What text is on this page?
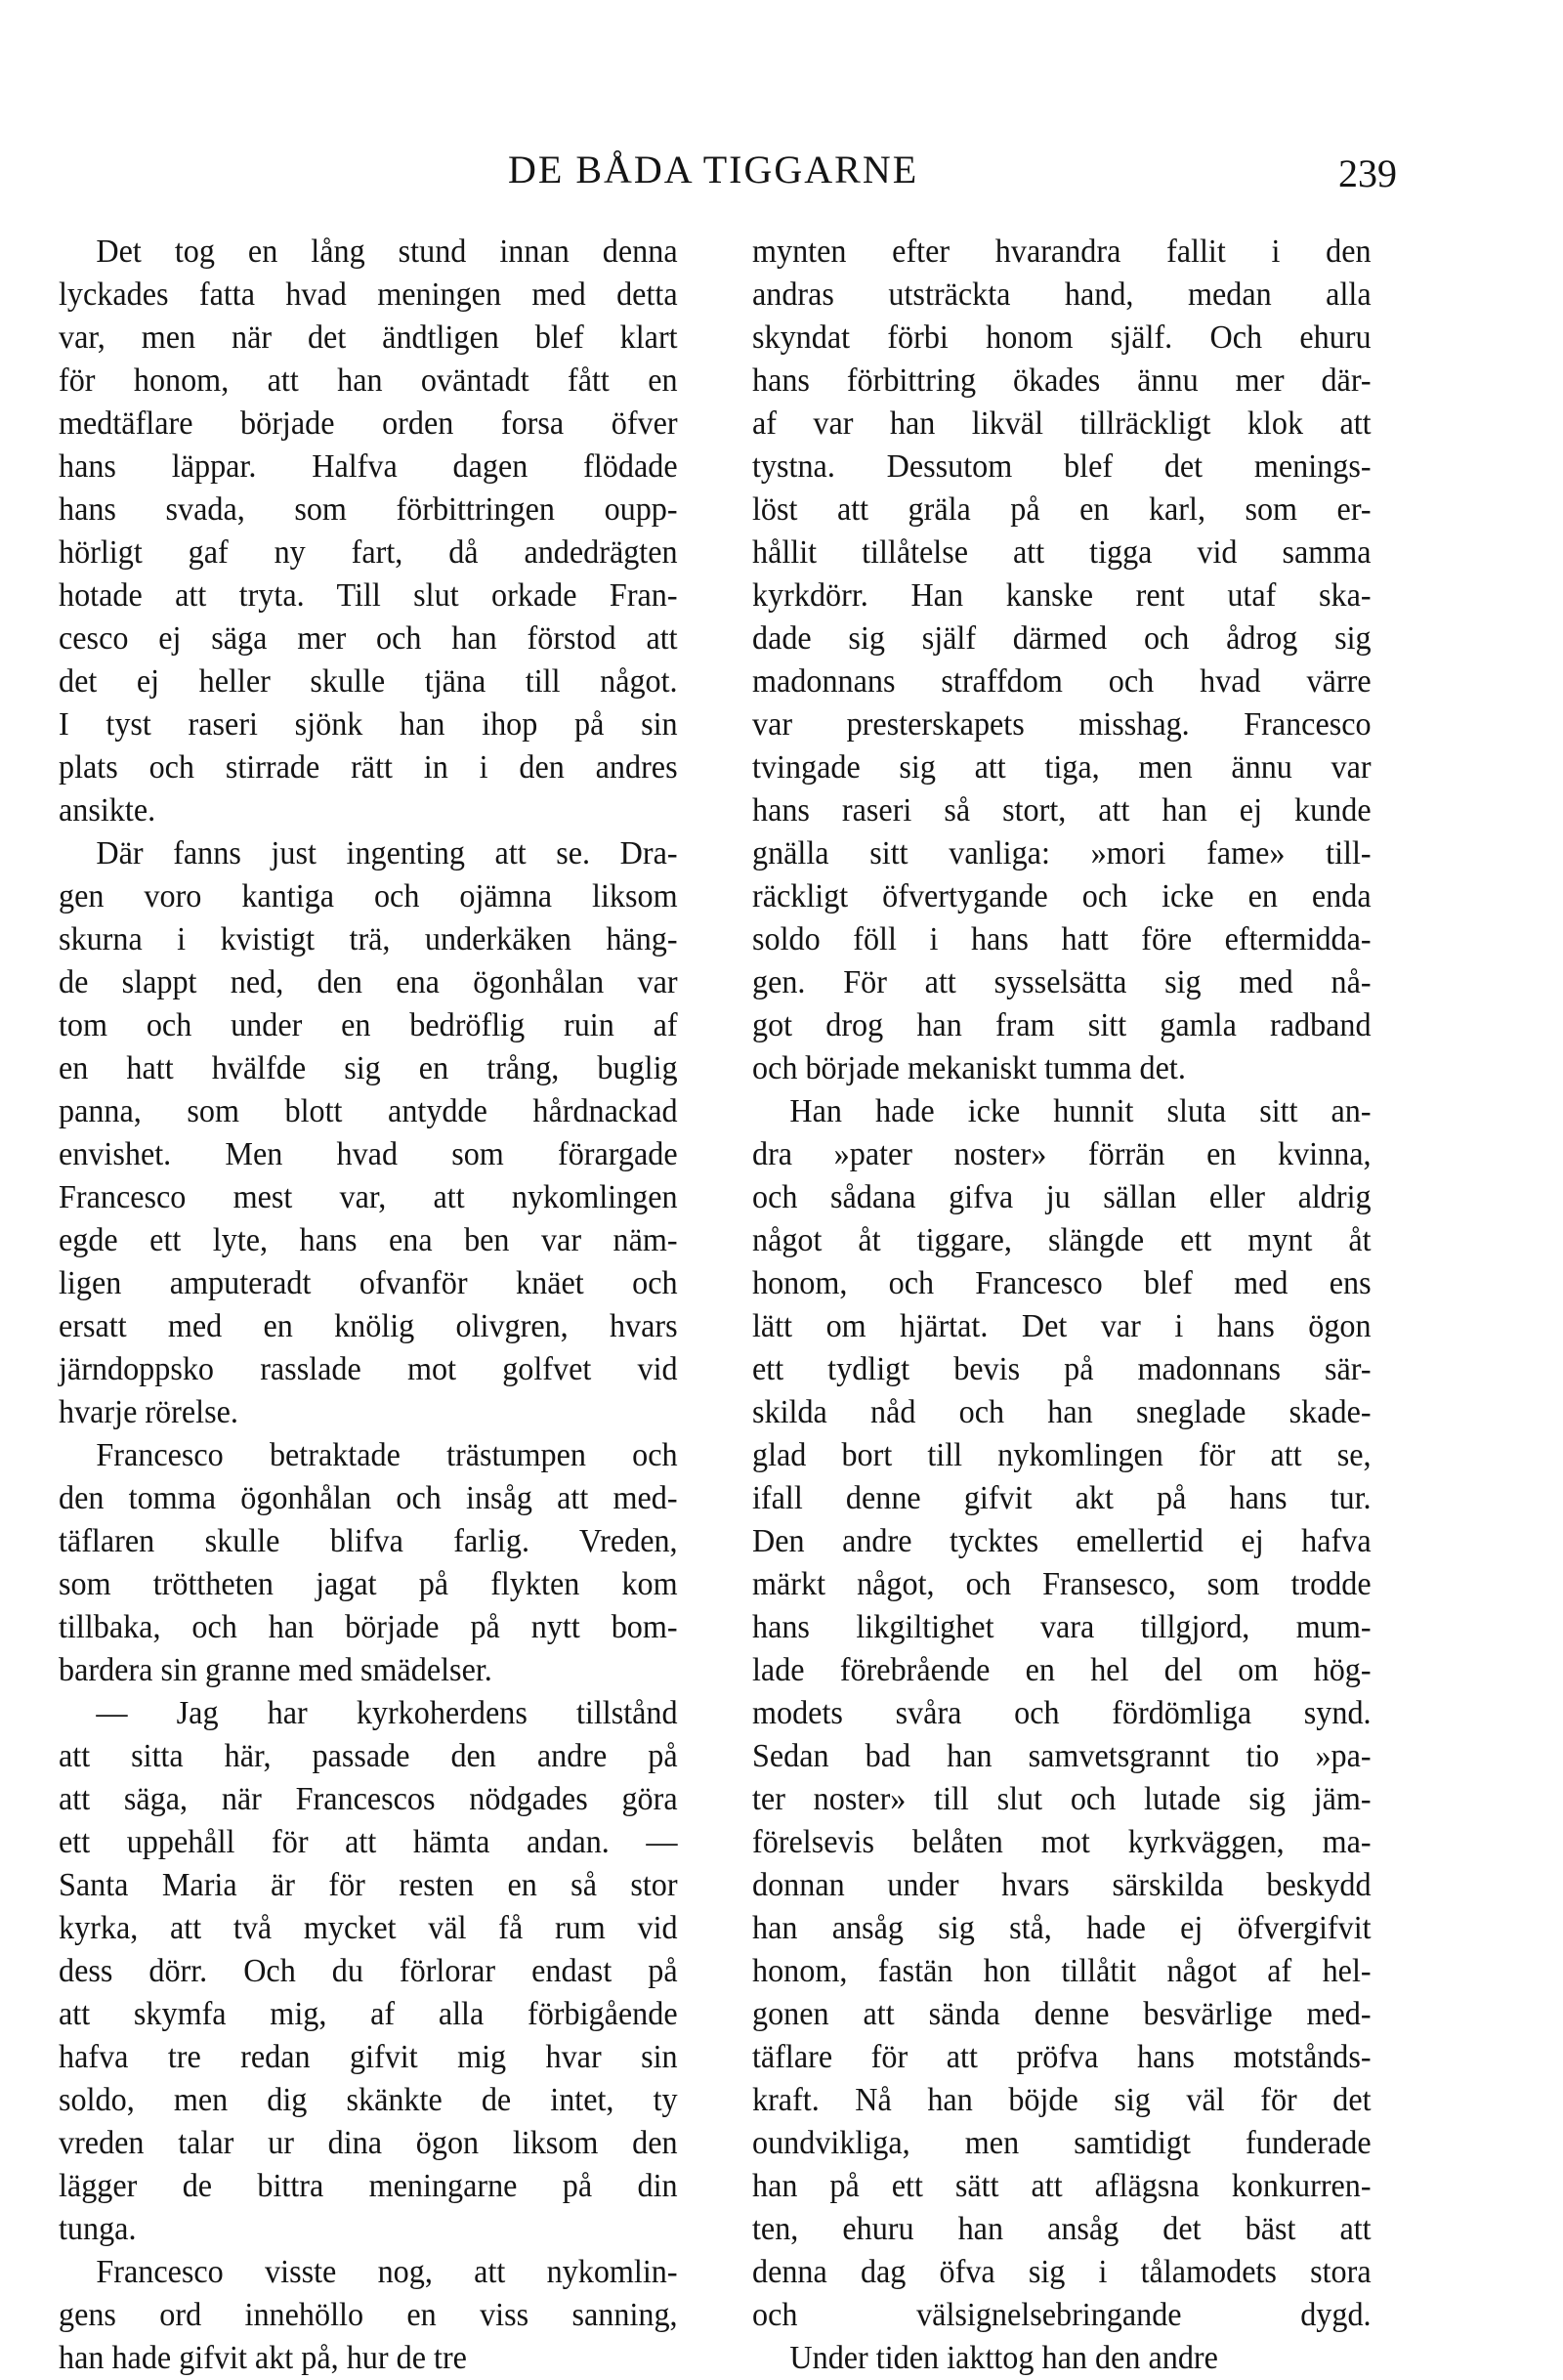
DE BÅDA TIGGARNE	239
Det tog en lång stund innan denna
lyckades fatta hvad meningen med detta
var, men när det ändtligen blef klart
för honom, att han oväntadt fått en
medtäflare började orden forsa öfver
hans läppar. Halfva dagen flödade
hans svada, som förbittringen oupp-
hörligt gaf ny fart, då andedrägten
hotade att tryta. Till slut orkade Fran-
cesco ej säga mer och han förstod att
det ej heller skulle tjäna till något.
I tyst raseri sjönk han ihop på sin
plats och stirrade rätt in i den andres
ansikte.
Där fanns just ingenting att se. Dra-
gen voro kantiga och ojämna liksom
skurna i kvistigt trä, underkäken häng-
de slappt ned, den ena ögonhålan var
tom och under en bedröflig ruin af
en hatt hvälfde sig en trång, buglig
panna, som blott antydde hårdnackad
envishet. Men hvad som förargade
Francesco mest var, att nykomlingen
egde ett lyte, hans ena ben var näm-
ligen amputeradt ofvanför knäet och
ersatt med en knölig olivgren, hvars
järndoppsko rasslade mot golfvet vid
hvarje rörelse.
Francesco betraktade trästumpen och
den tomma ögonhålan och insåg att med-
täflaren skulle blifva farlig. Vreden,
som tröttheten jagat på flykten kom
tillbaka, och han började på nytt bom-
bardera sin granne med smädelser.
— Jag har kyrkoherdens tillstånd
att sitta här, passade den andre på
att säga, när Francescos nödgades göra
ett uppehåll för att hämta andan. —
Santa Maria är för resten en så stor
kyrka, att två mycket väl få rum vid
dess dörr. Och du förlorar endast på
att skymfa mig, af alla förbigående
hafva tre redan gifvit mig hvar sin
soldo, men dig skänkte de intet, ty
vreden talar ur dina ögon liksom den
lägger de bittra meningarne på din
tunga.
Francesco visste nog, att nykomlin-
gens ord innehöllo en viss sanning,
han hade gifvit akt på, hur de tre
mynten efter hvarandra fallit i den
andras utsträckta hand, medan alla
skyndat förbi honom själf. Och ehuru
hans förbittring ökades ännu mer där-
af var han likväl tillräckligt klok att
tystna. Dessutom blef det menings-
löst att gräla på en karl, som er-
hållit tillåtelse att tigga vid samma
kyrkdörr. Han kanske rent utaf ska-
dade sig själf därmed och ådrog sig
madonnans straffdom och hvad värre
var presterskapets misshag. Francesco
tvingade sig att tiga, men ännu var
hans raseri så stort, att han ej kunde
gnälla sitt vanliga: »mori fame» till-
räckligt öfvertygande och icke en enda
soldo föll i hans hatt före eftermidda-
gen. För att sysselsätta sig med nå-
got drog han fram sitt gamla radband
och började mekaniskt tumma det.
Han hade icke hunnit sluta sitt an-
dra »pater noster» förrän en kvinna,
och sådana gifva ju sällan eller aldrig
något åt tiggare, slängde ett mynt åt
honom, och Francesco blef med ens
lätt om hjärtat. Det var i hans ögon
ett tydligt bevis på madonnans sär-
skilda nåd och han sneglade skade-
glad bort till nykomlingen för att se,
ifall denne gifvit akt på hans tur.
Den andre tycktes emellertid ej hafva
märkt något, och Fransesco, som trodde
hans likgiltighet vara tillgjord, mum-
lade förebrående en hel del om hög-
modets svåra och fördömliga synd.
Sedan bad han samvetsgrannt tio »pa-
ter noster» till slut och lutade sig jäm-
förelsevis belåten mot kyrkväggen, ma-
donnan under hvars särskilda beskydd
han ansåg sig stå, hade ej öfvergifvit
honom, fastän hon tillåtit något af hel-
gonen att sända denne besvärlige med-
täflare för att pröfva hans motstånds-
kraft. Nå han böjde sig väl för det
oundvikliga, men samtidigt funderade
han på ett sätt att aflägsna konkurren-
ten, ehuru han ansåg det bäst att
denna dag öfva sig i tålamodets stora
och välsignelsebringande dygd.
Under tiden iakttog han den andre
